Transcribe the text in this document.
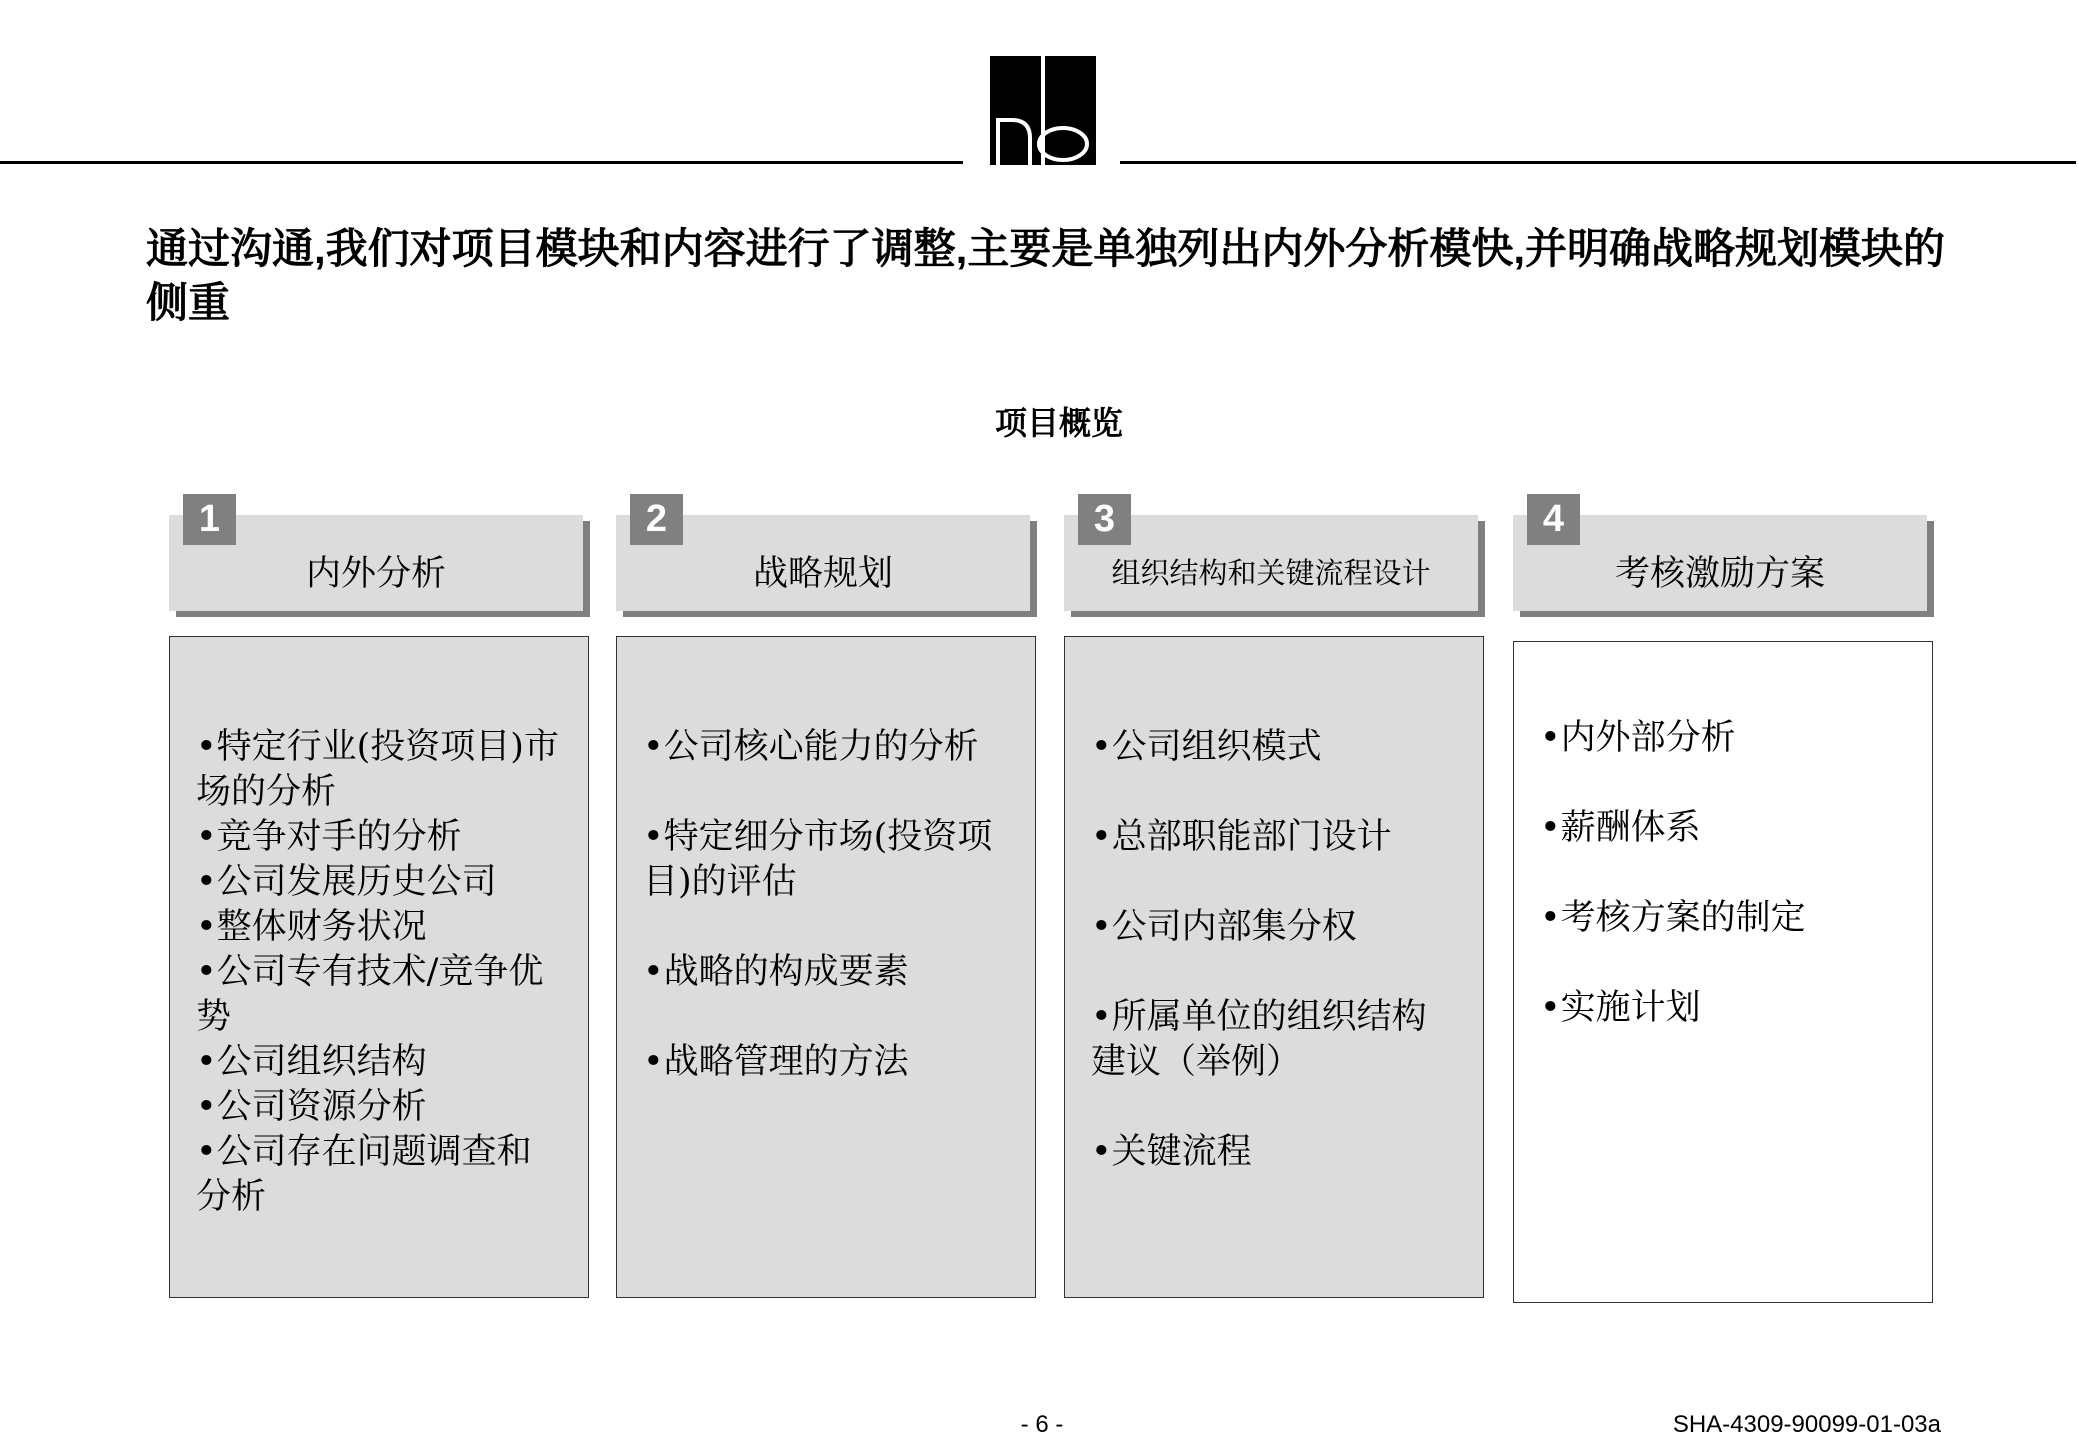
通过沟通,我们对项目模块和内容进行了调整,主要是单独列出内外分析模快,并明确战略规划模块的侧重
项目概览
1
内外分析
•特定行业(投资项目)市场的分析
•竞争对手的分析
•公司发展历史公司
•整体财务状况
•公司专有技术/竞争优势
•公司组织结构
•公司资源分析
•公司存在问题调查和分析
2
战略规划
•公司核心能力的分析
•特定细分市场(投资项目)的评估
•战略的构成要素
•战略管理的方法
3
组织结构和关键流程设计
•公司组织模式
•总部职能部门设计
•公司内部集分权
•所属单位的组织结构建议（举例）
•关键流程
4
考核激励方案
•内外部分析
•薪酬体系
•考核方案的制定
•实施计划
- 6 -	SHA-4309-90099-01-03a
